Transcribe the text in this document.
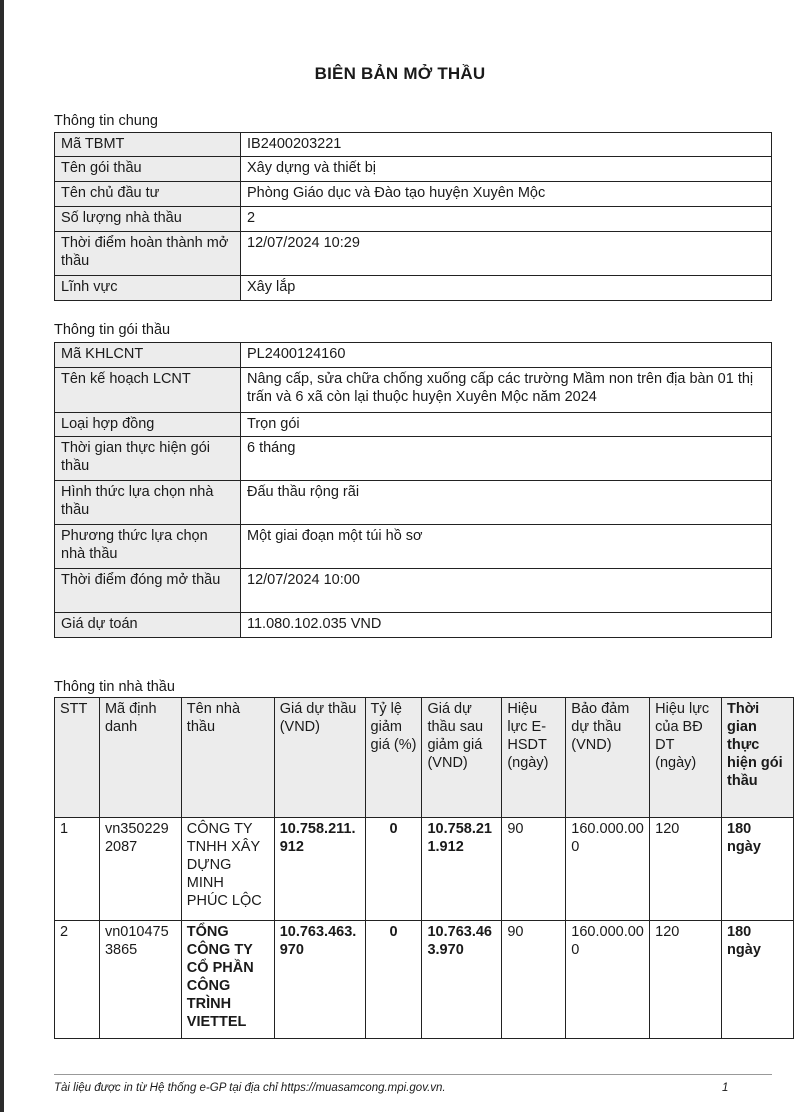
BIÊN BẢN MỞ THẦU
Thông tin chung
Mã TBMT	IB2400203221
Tên gói thầu	Xây dựng và thiết bị
Tên chủ đầu tư	Phòng Giáo dục và Đào tạo huyện Xuyên Mộc
Số lượng nhà thầu	2
Thời điểm hoàn thành mở thầu	12/07/2024 10:29
Lĩnh vực	Xây lắp
Thông tin gói thầu
Mã KHLCNT	PL2400124160
Tên kế hoạch LCNT	Nâng cấp, sửa chữa chống xuống cấp các trường Mầm non trên địa bàn 01 thị trấn và 6 xã còn lại thuộc huyện Xuyên Mộc năm 2024
Loại hợp đồng	Trọn gói
Thời gian thực hiện gói thầu	6 tháng
Hình thức lựa chọn nhà thầu	Đấu thầu rộng rãi
Phương thức lựa chọn nhà thầu	Một giai đoạn một túi hồ sơ
Thời điểm đóng mở thầu	12/07/2024 10:00
Giá dự toán	11.080.102.035 VND
Thông tin nhà thầu
STT	Mã định danh	Tên nhà thầu	Giá dự thầu (VND)	Tỷ lệ giảm giá (%)	Giá dự thầu sau giảm giá (VND)	Hiệu lực E-HSDT (ngày)	Bảo đảm dự thầu (VND)	Hiệu lực của BĐ DT (ngày)	Thời gian thực hiện gói thầu
1	vn3502292087	CÔNG TY TNHH XÂY DỰNG MINH PHÚC LỘC	10.758.211.912	0	10.758.211.912	90	160.000.000	120	180 ngày
2	vn0104753865	TỔNG CÔNG TY CỔ PHẦN CÔNG TRÌNH VIETTEL	10.763.463.970	0	10.763.463.970	90	160.000.000	120	180 ngày
Tài liệu được in từ Hệ thống e-GP tại địa chỉ https://muasamcong.mpi.gov.vn.	1
